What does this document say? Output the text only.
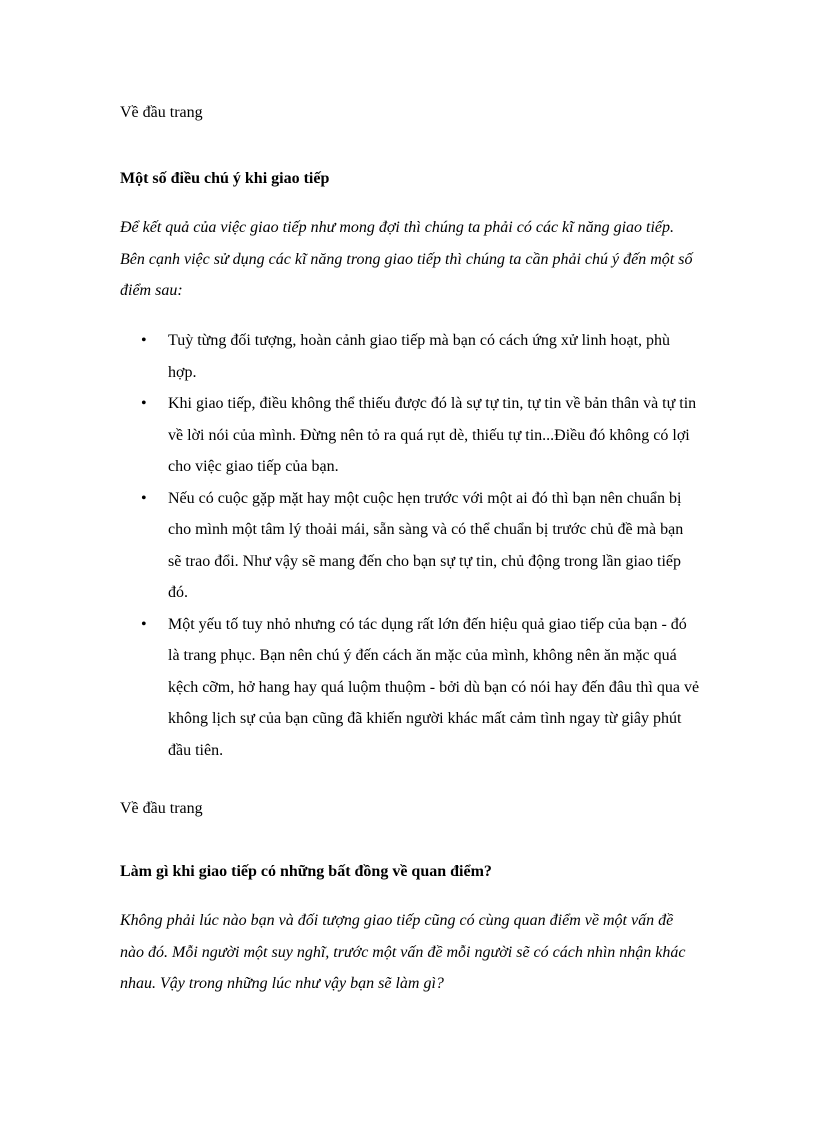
Về đầu trang

Một số điều chú ý khi giao tiếp

Để kết quả của việc giao tiếp như mong đợi thì chúng ta phải có các kĩ năng giao tiếp. Bên cạnh việc sử dụng các kĩ năng trong giao tiếp thì chúng ta cần phải chú ý đến một số điểm sau:

• Tuỳ từng đối tượng, hoàn cảnh giao tiếp mà bạn có cách ứng xử linh hoạt, phù hợp.
• Khi giao tiếp, điều không thể thiếu được đó là sự tự tin, tự tin về bản thân và tự tin về lời nói của mình. Đừng nên tỏ ra quá rụt dè, thiếu tự tin...Điều đó không có lợi cho việc giao tiếp của bạn.
• Nếu có cuộc gặp mặt hay một cuộc hẹn trước với một ai đó thì bạn nên chuẩn bị cho mình một tâm lý thoải mái, sẵn sàng và có thể chuẩn bị trước chủ đề mà bạn sẽ trao đổi. Như vậy sẽ mang đến cho bạn sự tự tin, chủ động trong lần giao tiếp đó.
• Một yếu tố tuy nhỏ nhưng có tác dụng rất lớn đến hiệu quả giao tiếp của bạn - đó là trang phục. Bạn nên chú ý đến cách ăn mặc của mình, không nên ăn mặc quá kệch cỡm, hở hang hay quá luộm thuộm - bởi dù bạn có nói hay đến đâu thì qua vẻ không lịch sự của bạn cũng đã khiến người khác mất cảm tình ngay từ giây phút đầu tiên.

Về đầu trang

Làm gì khi giao tiếp có những bất đồng về quan điểm?

Không phải lúc nào bạn và đối tượng giao tiếp cũng có cùng quan điểm về một vấn đề nào đó. Mỗi người một suy nghĩ, trước một vấn đề mỗi người sẽ có cách nhìn nhận khác nhau. Vậy trong những lúc như vậy bạn sẽ làm gì?
